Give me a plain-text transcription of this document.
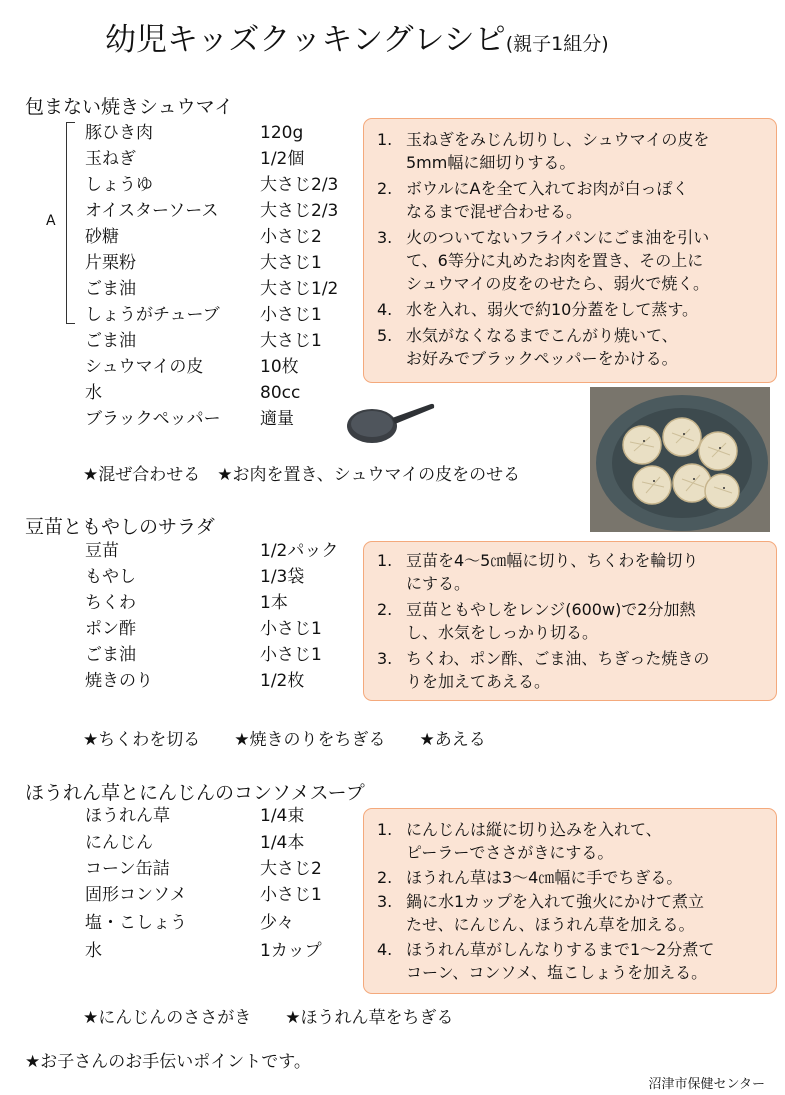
幼児キッズクッキングレシピ(親子1組分)
包まない焼きシュウマイ
A
豚ひき肉	120g
玉ねぎ	1/2個
しょうゆ	大さじ2/3
オイスターソース 大さじ2/3
砂糖	小さじ2
片栗粉	大さじ1
ごま油	大さじ1/2
しょうがチューブ 小さじ1
ごま油	大さじ1
シュウマイの皮	10枚
水	80cc
ブラックペッパー 適量
1. 玉ねぎをみじん切りし、シュウマイの皮を
5mm幅に細切りする。
2. ボウルにAを全て入れてお肉が白っぽく
なるまで混ぜ合わせる。
3. 火のついてないフライパンにごま油を引い
て、6等分に丸めたお肉を置き、その上に
シュウマイの皮をのせたら、弱火で焼く。
4. 水を入れ、弱火で約10分蓋をして蒸す。
5. 水気がなくなるまでこんがり焼いて、
お好みでブラックペッパーをかける。
★混ぜ合わせる　★お肉を置き、シュウマイの皮をのせる
豆苗ともやしのサラダ
豆苗	1/2パック
もやし	1/3袋
ちくわ	1本
ポン酢	小さじ1
ごま油	小さじ1
焼きのり	1/2枚
1. 豆苗を4～5㎝幅に切り、ちくわを輪切り
にする。
2. 豆苗ともやしをレンジ(600w)で2分加熱
し、水気をしっかり切る。
3. ちくわ、ポン酢、ごま油、ちぎった焼きの
りを加えてあえる。
★ちくわを切る　　★焼きのりをちぎる　　★あえる
ほうれん草とにんじんのコンソメスープ
ほうれん草	1/4束
にんじん	1/4本
コーン缶詰	大さじ2
固形コンソメ	小さじ1
塩・こしょう	少々
水	1カップ
1. にんじんは縦に切り込みを入れて、
ピーラーでささがきにする。
2. ほうれん草は3～4㎝幅に手でちぎる。
3. 鍋に水1カップを入れて強火にかけて煮立
たせ、にんじん、ほうれん草を加える。
4. ほうれん草がしんなりするまで1～2分煮て
コーン、コンソメ、塩こしょうを加える。
★にんじんのささがき　　★ほうれん草をちぎる
★お子さんのお手伝いポイントです。
沼津市保健センター
